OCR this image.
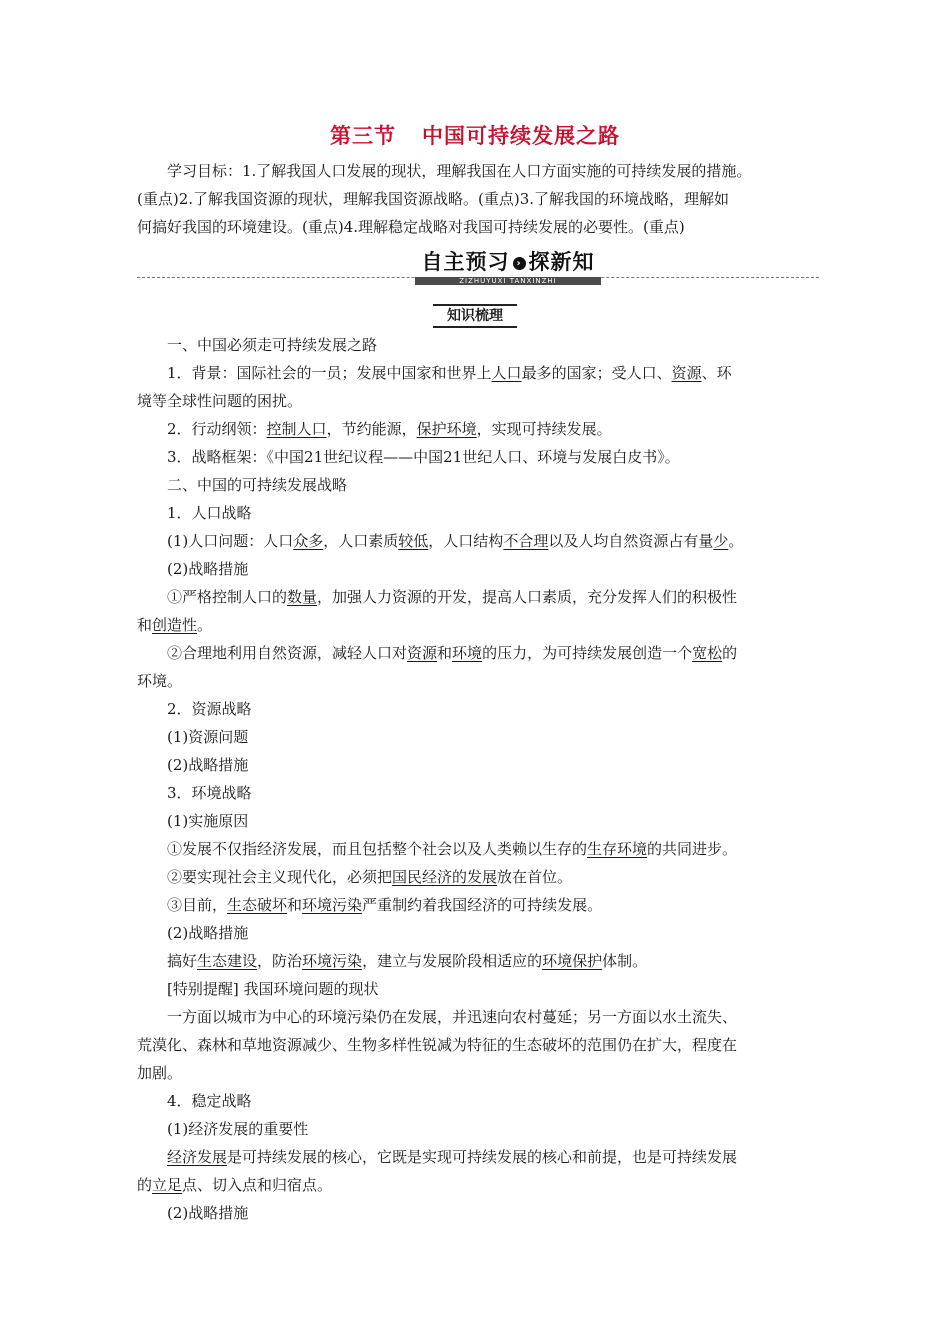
第三节 中国可持续发展之路

学习目标：1.了解我国人口发展的现状，理解我国在人口方面实施的可持续发展的措施。

(重点)2.了解我国资源的现状，理解我国资源战略。(重点)3.了解我国的环境战略，理解如

何搞好我国的环境建设。(重点)4.理解稳定战略对我国可持续发展的必要性。(重点)

自主预习 › 探新知
ZIZHUYUXI TANXINZHI
知识梳理

一、中国必须走可持续发展之路

1．背景：国际社会的一员；发展中国家和世界上人口最多的国家；受人口、资源、环

境等全球性问题的困扰。

2．行动纲领：控制人口，节约能源，保护环境，实现可持续发展。

3．战略框架：《中国21世纪议程——中国21世纪人口、环境与发展白皮书》。

二、中国的可持续发展战略

1．人口战略

(1)人口问题：人口众多，人口素质较低，人口结构不合理以及人均自然资源占有量少。

(2)战略措施

①严格控制人口的数量，加强人力资源的开发，提高人口素质，充分发挥人们的积极性

和创造性。

②合理地利用自然资源，减轻人口对资源和环境的压力，为可持续发展创造一个宽松的

环境。

2．资源战略

(1)资源问题

(2)战略措施

3．环境战略

(1)实施原因

①发展不仅指经济发展，而且包括整个社会以及人类赖以生存的生存环境的共同进步。

②要实现社会主义现代化，必须把国民经济的发展放在首位。

③目前，生态破坏和环境污染严重制约着我国经济的可持续发展。

(2)战略措施

搞好生态建设，防治环境污染，建立与发展阶段相适应的环境保护体制。

[特别提醒] 我国环境问题的现状

一方面以城市为中心的环境污染仍在发展，并迅速向农村蔓延；另一方面以水土流失、

荒漠化、森林和草地资源减少、生物多样性锐减为特征的生态破坏的范围仍在扩大，程度在

加剧。

4．稳定战略

(1)经济发展的重要性

经济发展是可持续发展的核心，它既是实现可持续发展的核心和前提，也是可持续发展

的立足点、切入点和归宿点。

(2)战略措施
